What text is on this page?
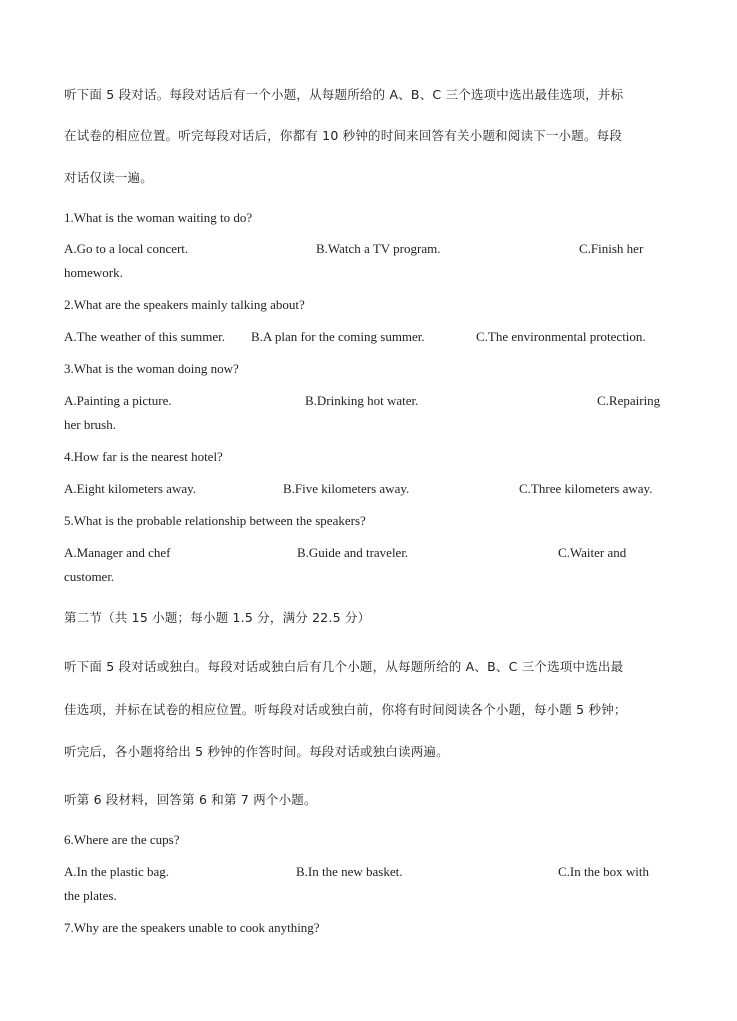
听下面 5 段对话。每段对话后有一个小题，从每题所给的 A、B、C 三个选项中选出最佳选项，并标
在试卷的相应位置。听完每段对话后，你都有 10 秒钟的时间来回答有关小题和阅读下一小题。每段
对话仅读一遍。
1.What is the woman waiting to do?
A.Go to a local concert.	B.Watch a TV program.	C.Finish her
homework.
2.What are the speakers mainly talking about?
A.The weather of this summer. B.A plan for the coming summer.	C.The environmental protection.
3.What is the woman doing now?
A.Painting a picture.	B.Drinking hot water.	C.Repairing
her brush.
4.How far is the nearest hotel?
A.Eight kilometers away.	B.Five kilometers away.	C.Three kilometers away.
5.What is the probable relationship between the speakers?
A.Manager and chef	B.Guide and traveler.	C.Waiter and
customer.
第二节（共 15 小题；每小题 1.5 分，满分 22.5 分）
听下面 5 段对话或独白。每段对话或独白后有几个小题，从每题所给的 A、B、C 三个选项中选出最
佳选项，并标在试卷的相应位置。听每段对话或独白前，你将有时间阅读各个小题，每小题 5 秒钟；
听完后，各小题将给出 5 秒钟的作答时间。每段对话或独白读两遍。
听第 6 段材料，回答第 6 和第 7 两个小题。
6.Where are the cups?
A.In the plastic bag.	B.In the new basket.	C.In the box with
the plates.
7.Why are the speakers unable to cook anything?
